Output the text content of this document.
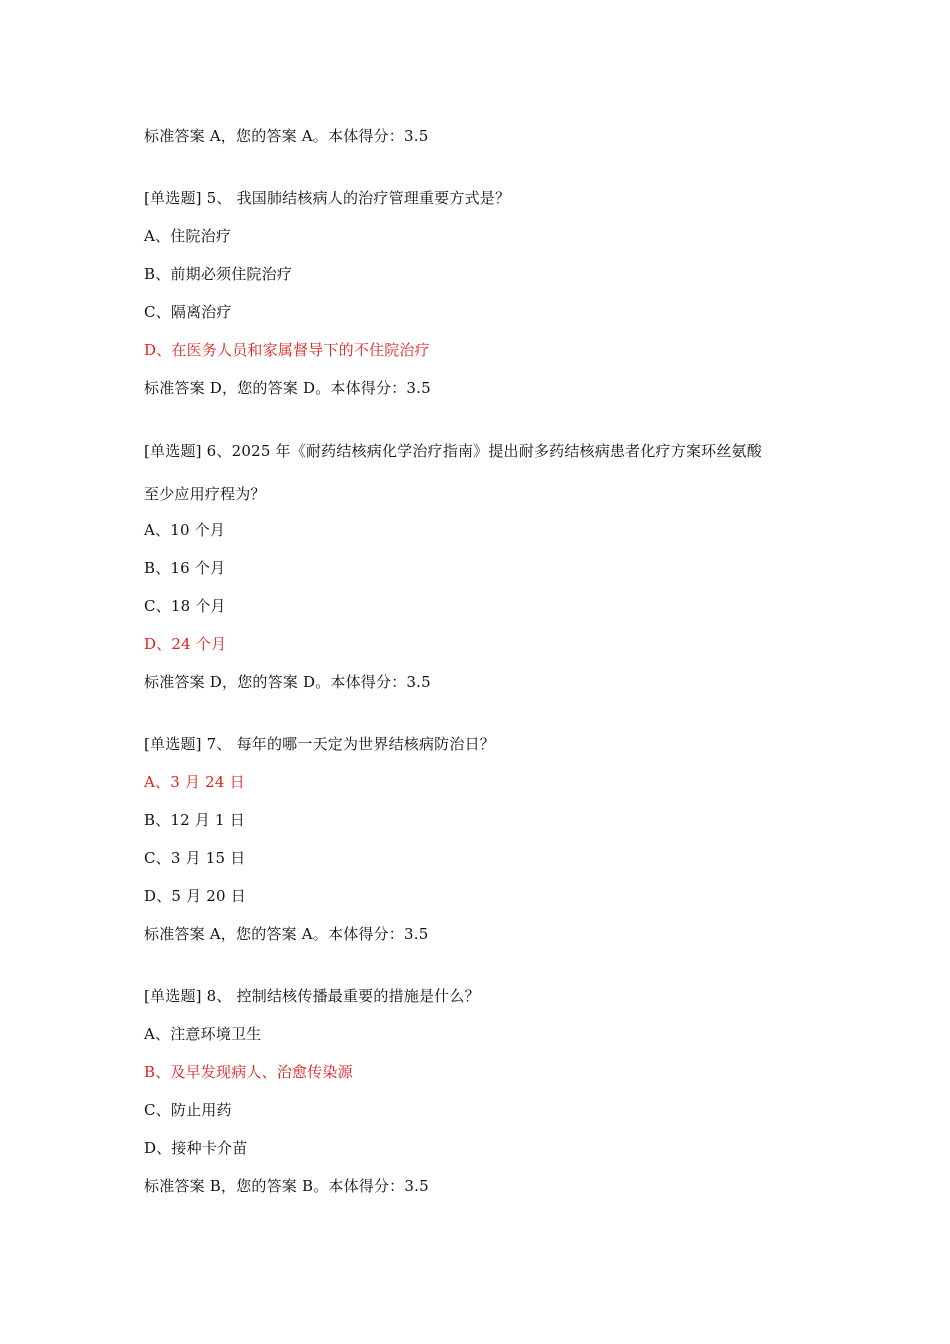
标准答案 A，您的答案 A。本体得分：3.5
[单选题] 5、 我国肺结核病人的治疗管理重要方式是？
A、住院治疗
B、前期必须住院治疗
C、隔离治疗
D、在医务人员和家属督导下的不住院治疗
标准答案 D，您的答案 D。本体得分：3.5
[单选题] 6、2025 年《耐药结核病化学治疗指南》提出耐多药结核病患者化疗方案环丝氨酸
至少应用疗程为？
A、10 个月
B、16 个月
C、18 个月
D、24 个月
标准答案 D，您的答案 D。本体得分：3.5
[单选题] 7、 每年的哪一天定为世界结核病防治日？
A、3 月 24 日
B、12 月 1 日
C、3 月 15 日
D、5 月 20 日
标准答案 A，您的答案 A。本体得分：3.5
[单选题] 8、 控制结核传播最重要的措施是什么？
A、注意环境卫生
B、及早发现病人、治愈传染源
C、防止用药
D、接种卡介苗
标准答案 B，您的答案 B。本体得分：3.5
